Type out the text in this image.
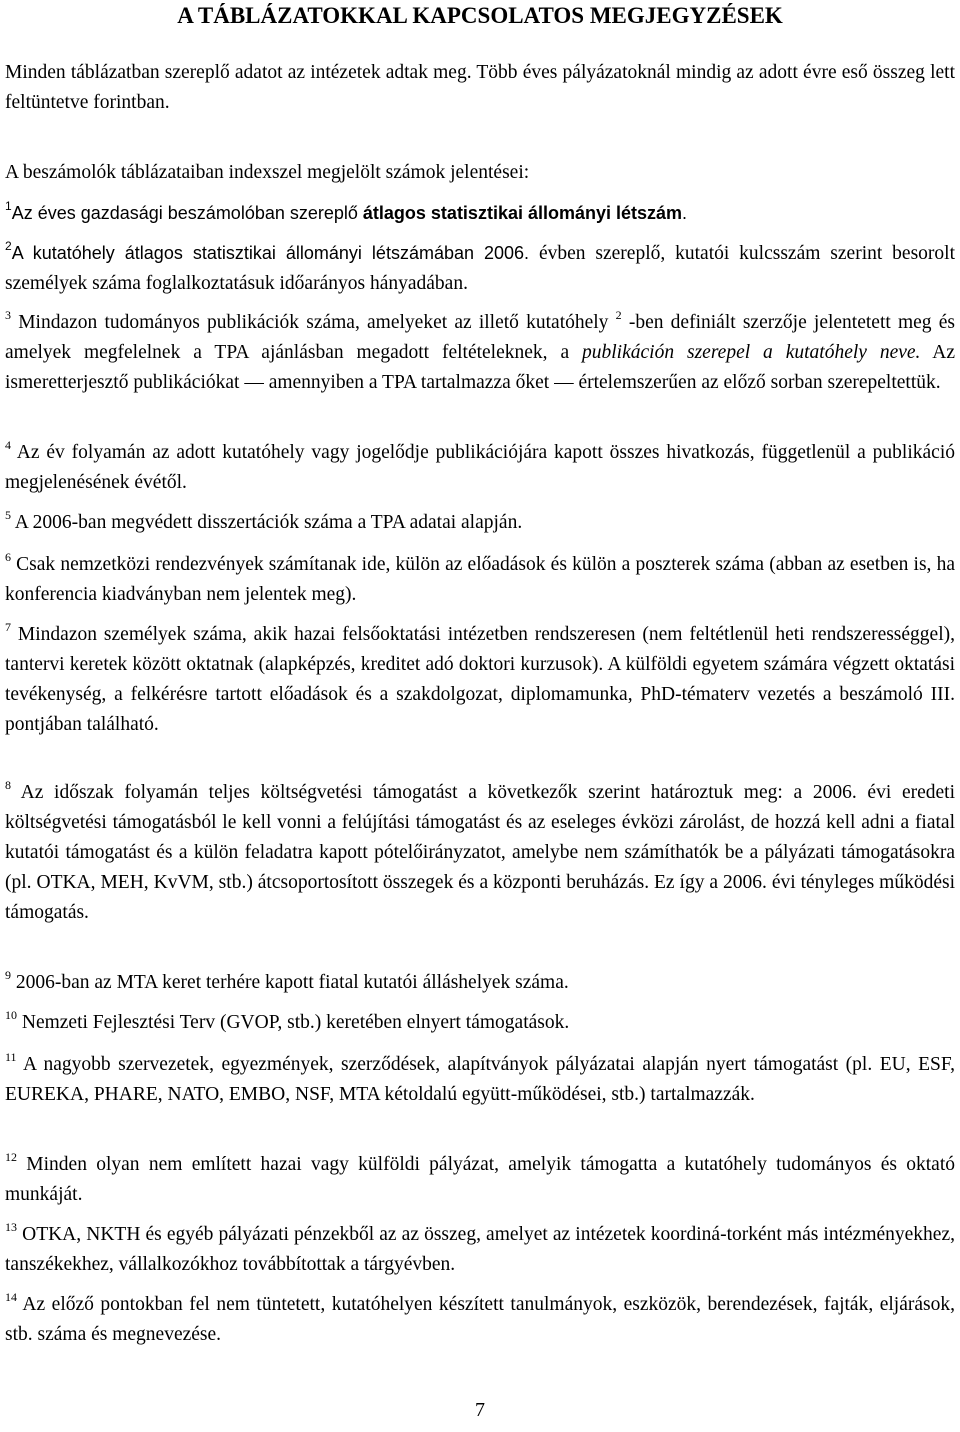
A TÁBLÁZATOKKAL KAPCSOLATOS MEGJEGYZÉSEK
Minden táblázatban szereplő adatot az intézetek adtak meg. Több éves pályázatoknál mindig az adott évre eső összeg lett feltüntetve forintban.
A beszámolók táblázataiban indexszel megjelölt számok jelentései:
$^1$Az éves gazdasági beszámolóban szereplő átlagos statisztikai állományi létszám.
$^2$A kutatóhely átlagos statisztikai állományi létszámában 2006. évben szereplő, kutatói kulcsszám szerint besorolt személyek száma foglalkoztatásuk időarányos hányadában.
$^3$ Mindazon tudományos publikációk száma, amelyeket az illető kutatóhely $^2$ -ben definiált szerzője jelentetett meg és amelyek megfelelnek a TPA ajánlásban megadott feltételeknek, a publikáción szerepel a kutatóhely neve. Az ismeretterjesztő publikációkat — amennyiben a TPA tartalmazza őket — értelemszerűen az előző sorban szerepeltettük.
$^4$ Az év folyamán az adott kutatóhely vagy jogelődje publikációjára kapott összes hivatkozás, függetlenül a publikáció megjelenésének évétől.
$^5$ A 2006-ban megvédett disszertációk száma a TPA adatai alapján.
$^6$ Csak nemzetközi rendezvények számítanak ide, külön az előadások és külön a poszterek száma (abban az esetben is, ha konferencia kiadványban nem jelentek meg).
$^7$ Mindazon személyek száma, akik hazai felsőoktatási intézetben rendszeresen (nem feltétlenül heti rendszerességgel), tantervi keretek között oktatnak (alapképzés, kreditet adó doktori kurzusok). A külföldi egyetem számára végzett oktatási tevékenység, a felkérésre tartott előadások és a szakdolgozat, diplomamunka, PhD-tématerv vezetés a beszámoló III. pontjában található.
$^8$ Az időszak folyamán teljes költségvetési támogatást a következők szerint határoztuk meg: a 2006. évi eredeti költségvetési támogatásból le kell vonni a felújítási támogatást és az eseleges évközi zárolást, de hozzá kell adni a fiatal kutatói támogatást és a külön feladatra kapott pótelőirányzatot, amelybe nem számíthatók be a pályázati támogatásokra (pl. OTKA, MEH, KvVM, stb.) átcsoportosított összegek és a központi beruházás. Ez így a 2006. évi tényleges működési támogatás.
$^9$ 2006-ban az MTA keret terhére kapott fiatal kutatói álláshelyek száma.
$^{10}$ Nemzeti Fejlesztési Terv (GVOP, stb.) keretében elnyert támogatások.
$^{11}$ A nagyobb szervezetek, egyezmények, szerződések, alapítványok pályázatai alapján nyert támogatást (pl. EU, ESF, EUREKA, PHARE, NATO, EMBO, NSF, MTA kétoldalú együtt-működései, stb.) tartalmazzák.
$^{12}$ Minden olyan nem említett hazai vagy külföldi pályázat, amelyik támogatta a kutatóhely tudományos és oktató munkáját.
$^{13}$ OTKA, NKTH és egyéb pályázati pénzekből az az összeg, amelyet az intézetek koordiná-torként más intézményekhez, tanszékekhez, vállalkozókhoz továbbítottak a tárgyévben.
$^{14}$ Az előző pontokban fel nem tüntetett, kutatóhelyen készített tanulmányok, eszközök, berendezések, fajták, eljárások, stb. száma és megnevezése.
7
